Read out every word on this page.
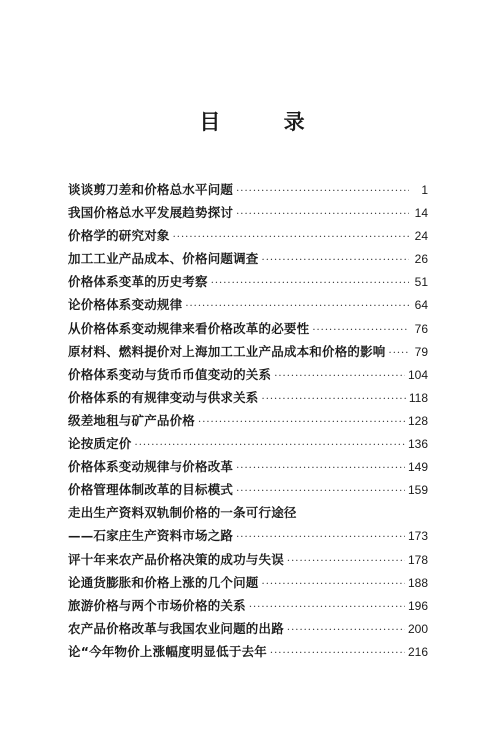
目 录
谈谈剪刀差和价格总水平问题 ·····	1
我国价格总水平发展趋势探讨 ·····	14
价格学的研究对象 ·····	24
加工工业产品成本、价格问题调查 ·····	26
价格体系变革的历史考察 ·····	51
论价格体系变动规律 ·····	64
从价格体系变动规律来看价格改革的必要性 ·····	76
原材料、燃料提价对上海加工工业产品成本和价格的影响 ····· 79
价格体系变动与货币币值变动的关系 ·····	104
价格体系的有规律变动与供求关系 ·····	118
级差地租与矿产品价格 ·····	128
论按质定价 ·····	136
价格体系变动规律与价格改革 ·····	149
价格管理体制改革的目标模式 ·····	159
走出生产资料双轨制价格的一条可行途径
——石家庄生产资料市场之路 ·····	173
评十年来农产品价格决策的成功与失误 ·····	178
论通货膨胀和价格上涨的几个问题 ·····	188
旅游价格与两个市场价格的关系 ·····	196
农产品价格改革与我国农业问题的出路 ·····	200
论“今年物价上涨幅度明显低于去年 ·····	216
